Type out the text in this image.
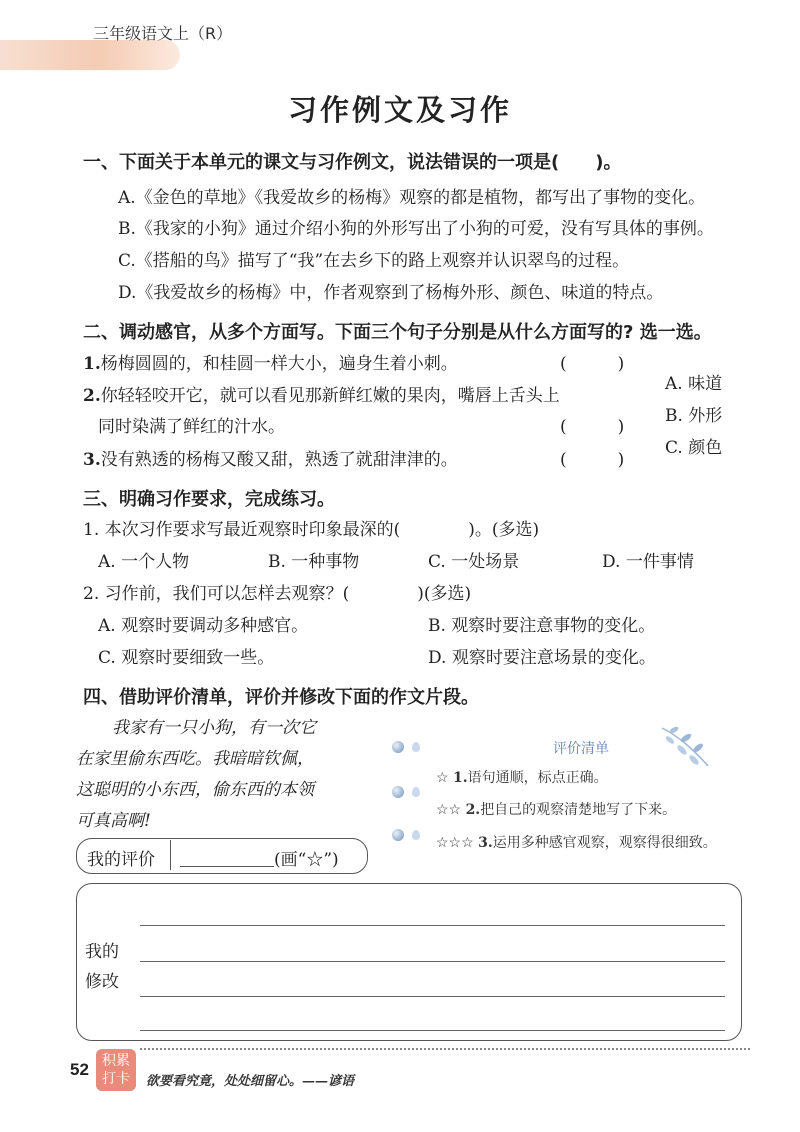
三年级语文上（R）
习作例文及习作
一、下面关于本单元的课文与习作例文，说法错误的一项是(　　)。
A.《金色的草地》《我爱故乡的杨梅》观察的都是植物，都写出了事物的变化。
B.《我家的小狗》通过介绍小狗的外形写出了小狗的可爱，没有写具体的事例。
C.《搭船的鸟》描写了“我”在去乡下的路上观察并认识翠鸟的过程。
D.《我爱故乡的杨梅》中，作者观察到了杨梅外形、颜色、味道的特点。
二、调动感官，从多个方面写。下面三个句子分别是从什么方面写的? 选一选。
1.杨梅圆圆的，和桂圆一样大小，遍身生着小刺。	(　　　)
2.你轻轻咬开它，就可以看见那新鲜红嫩的果肉，嘴唇上舌头上
同时染满了鲜红的汁水。	(　　　)
3.没有熟透的杨梅又酸又甜，熟透了就甜津津的。	(　　　)
A. 味道
B. 外形
C. 颜色
三、明确习作要求，完成练习。
1. 本次习作要求写最近观察时印象最深的(　　　　)。(多选)
A. 一个人物	B. 一种事物	C. 一处场景	D. 一件事情
2. 习作前，我们可以怎样去观察？(　　　　)(多选)
A. 观察时要调动多种感官。	B. 观察时要注意事物的变化。
C. 观察时要细致一些。	D. 观察时要注意场景的变化。
四、借助评价清单，评价并修改下面的作文片段。
我家有一只小狗，有一次它
在家里偷东西吃。我暗暗钦佩，
这聪明的小东西，偷东西的本领
可真高啊!
评价清单
☆ 1.语句通顺，标点正确。
☆☆ 2.把自己的观察清楚地写了下来。
☆☆☆ 3.运用多种感官观察，观察得很细致。
我的评价	(画“☆”)
我的
修改
52 积累
打卡	欲要看究竟，处处细留心。——谚语
